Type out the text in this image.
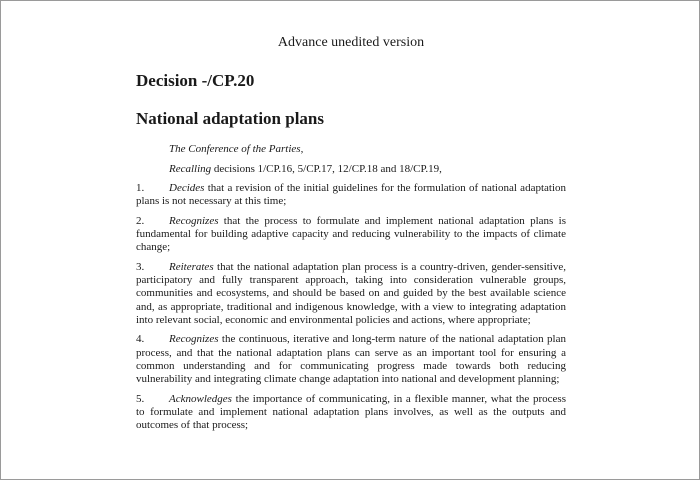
Advance unedited version
Decision -/CP.20
National adaptation plans

The Conference of the Parties,

Recalling decisions 1/CP.16, 5/CP.17, 12/CP.18 and 18/CP.19,

1. Decides that a revision of the initial guidelines for the formulation of national adaptation plans is not necessary at this time;

2. Recognizes that the process to formulate and implement national adaptation plans is fundamental for building adaptive capacity and reducing vulnerability to the impacts of climate change;

3. Reiterates that the national adaptation plan process is a country-driven, gender-sensitive, participatory and fully transparent approach, taking into consideration vulnerable groups, communities and ecosystems, and should be based on and guided by the best available science and, as appropriate, traditional and indigenous knowledge, with a view to integrating adaptation into relevant social, economic and environmental policies and actions, where appropriate;

4. Recognizes the continuous, iterative and long-term nature of the national adaptation plan process, and that the national adaptation plans can serve as an important tool for ensuring a common understanding and for communicating progress made towards both reducing vulnerability and integrating climate change adaptation into national and development planning;

5. Acknowledges the importance of communicating, in a flexible manner, what the process to formulate and implement national adaptation plans involves, as well as the outputs and outcomes of that process;
